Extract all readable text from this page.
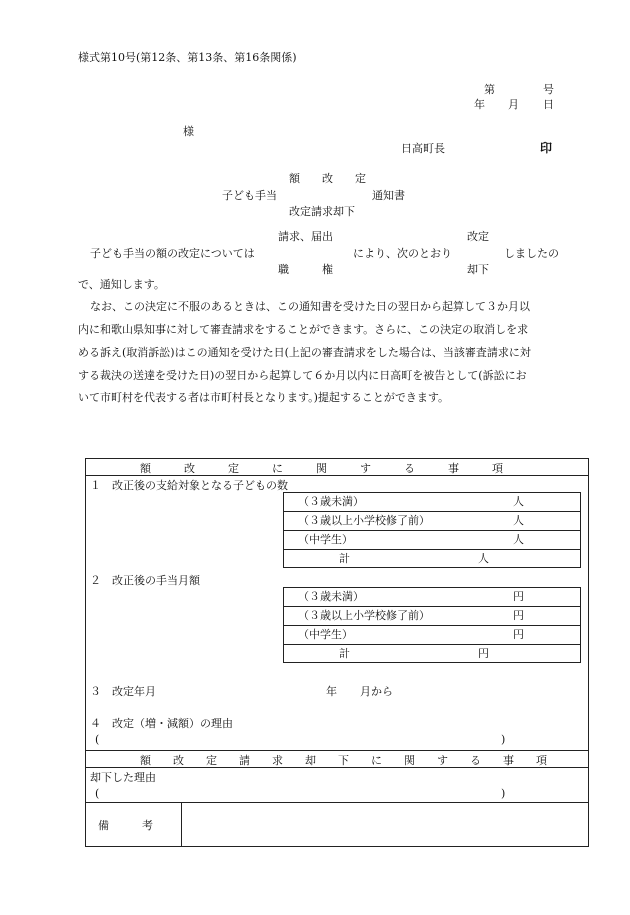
様式第10号(第12条、第13条、第16条関係)
第	号
年 月 日
様
日高町長	印
額　　改　　定
子ども手当	通知書
改定請求却下
請求、届出	改定
子ども手当の額の改定については	により、次のとおり	しましたの
職　　　権	却下
で、通知します。
なお、この決定に不服のあるときは、この通知書を受けた日の翌日から起算して３か月以
内に和歌山県知事に対して審査請求をすることができます。さらに、この決定の取消しを求
める訴え(取消訴訟)はこの通知を受けた日(上記の審査請求をした場合は、当該審査請求に対
する裁決の送達を受けた日)の翌日から起算して６か月以内に日高町を被告として(訴訟にお
いて市町村を代表する者は市町村長となります。)提起することができます。
額　　　改　　　定　　　に　　　関　　　す　　　る　　　事　　　項
１　改正後の支給対象となる子どもの数
（３歳未満）	人
（３歳以上小学校修了前）	人
（中学生）	人
計	人
２　改正後の手当月額
（３歳未満）	円
（３歳以上小学校修了前）	円
（中学生）	円
計	円
３　改定年月	年 月から
４　改定（増・減額）の理由
(	)
額　　改　　定　　請　　求　　却　　下　　に　　関　　す　　る　　事　　項
却下した理由
(	)
備　　　考
